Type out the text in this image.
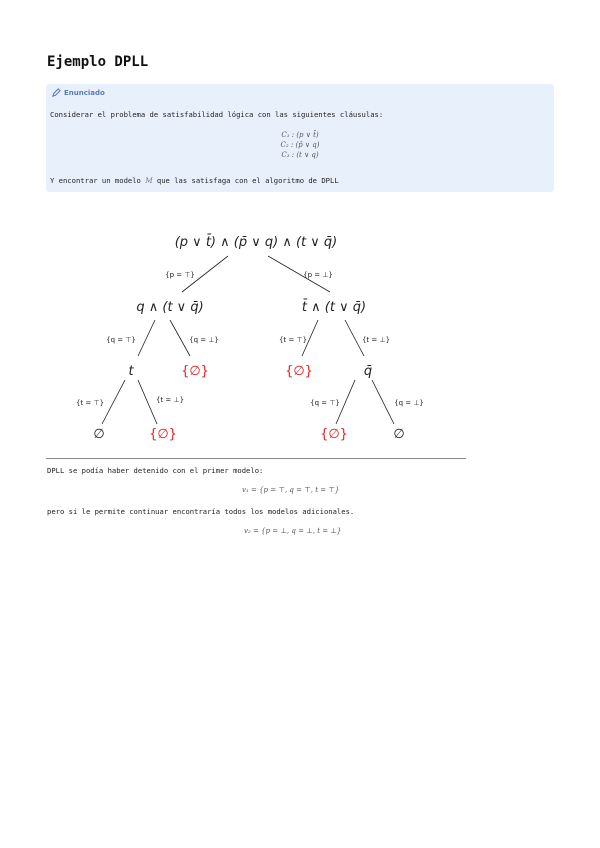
Ejemplo DPLL
Enunciado
Considerar el problema de satisfabilidad lógica con las siguientes cláusulas:
C₁ : (p ∨ t̄)
C₂ : (p̄ ∨ q)
C₃ : (t ∨ q)
Y encontrar un modelo M que las satisfaga con el algoritmo de DPLL
(p ∨ t̄) ∧ (p̄ ∨ q) ∧ (t ∨ q̄)
{p = ⊤}	{p = ⊥}
q ∧ (t ∨ q̄)	t̄ ∧ (t ∨ q̄)
{q = ⊤}	{q = ⊥}	{t = ⊤}	{t = ⊥}
t	{∅}	{∅}	q̄
{t = ⊤}	{t = ⊥}	{q = ⊤}	{q = ⊥}
∅	{∅}	{∅}	∅
DPLL se podía haber detenido con el primer modelo:
v₁ = {p = ⊤, q = ⊤, t = ⊤}
pero si le permite continuar encontraría todos los modelos adicionales.
v₂ = {p = ⊥, q = ⊥, t = ⊥}
